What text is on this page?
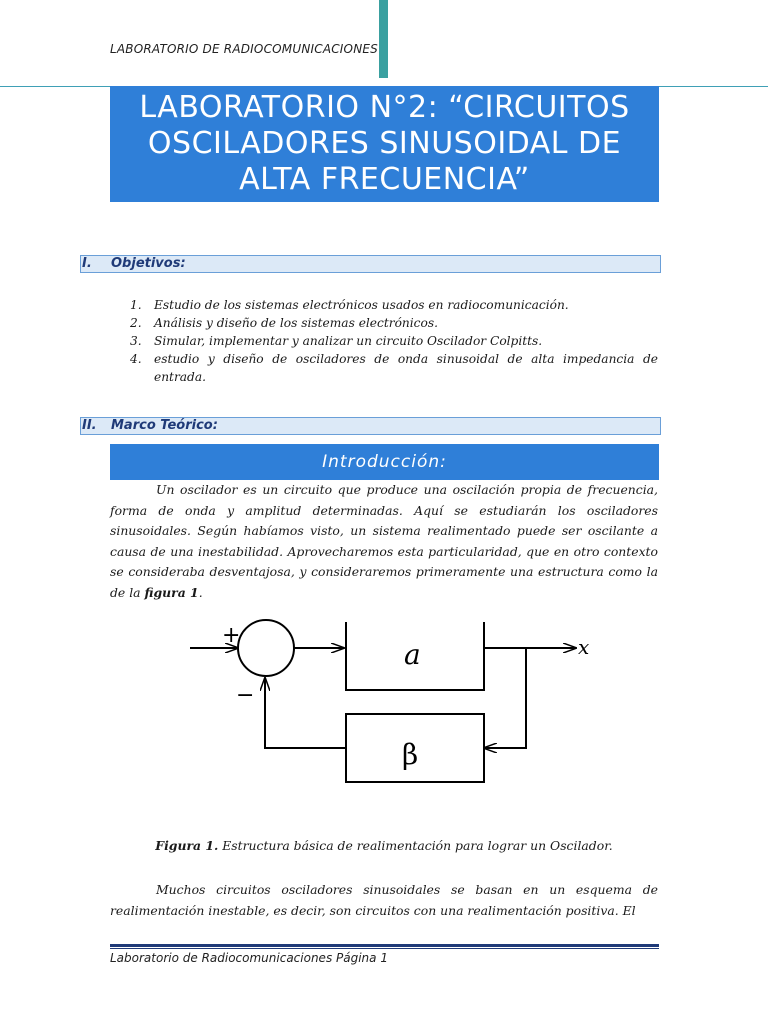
LABORATORIO DE RADIOCOMUNICACIONES
LABORATORIO N°2: “CIRCUITOS
OSCILADORES SINUSOIDAL DE
ALTA FRECUENCIA”
I. Objetivos:
1.	Estudio de los sistemas electrónicos usados en radiocomunicación.
2.	Análisis y diseño de los sistemas electrónicos.
3.	Simular, implementar y analizar un circuito Oscilador Colpitts.
4.	estudio y diseño de osciladores de onda sinusoidal de alta impedancia de entrada.
II. Marco Teórico:
Introducción:
Un oscilador es un circuito que produce una oscilación propia de frecuencia, forma de onda y amplitud determinadas. Aquí se estudiarán los osciladores sinusoidales. Según habíamos visto, un sistema realimentado puede ser oscilante a causa de una inestabilidad. Aprovecharemos esta particularidad, que en otro contexto se consideraba desventajosa, y consideraremos primeramente una estructura como la de la figura 1.
+
−
a
β
x
Figura 1. Estructura básica de realimentación para lograr un Oscilador.
Muchos circuitos osciladores sinusoidales se basan en un esquema de realimentación inestable, es decir, son circuitos con una realimentación positiva. El
Laboratorio de Radiocomunicaciones Página 1
